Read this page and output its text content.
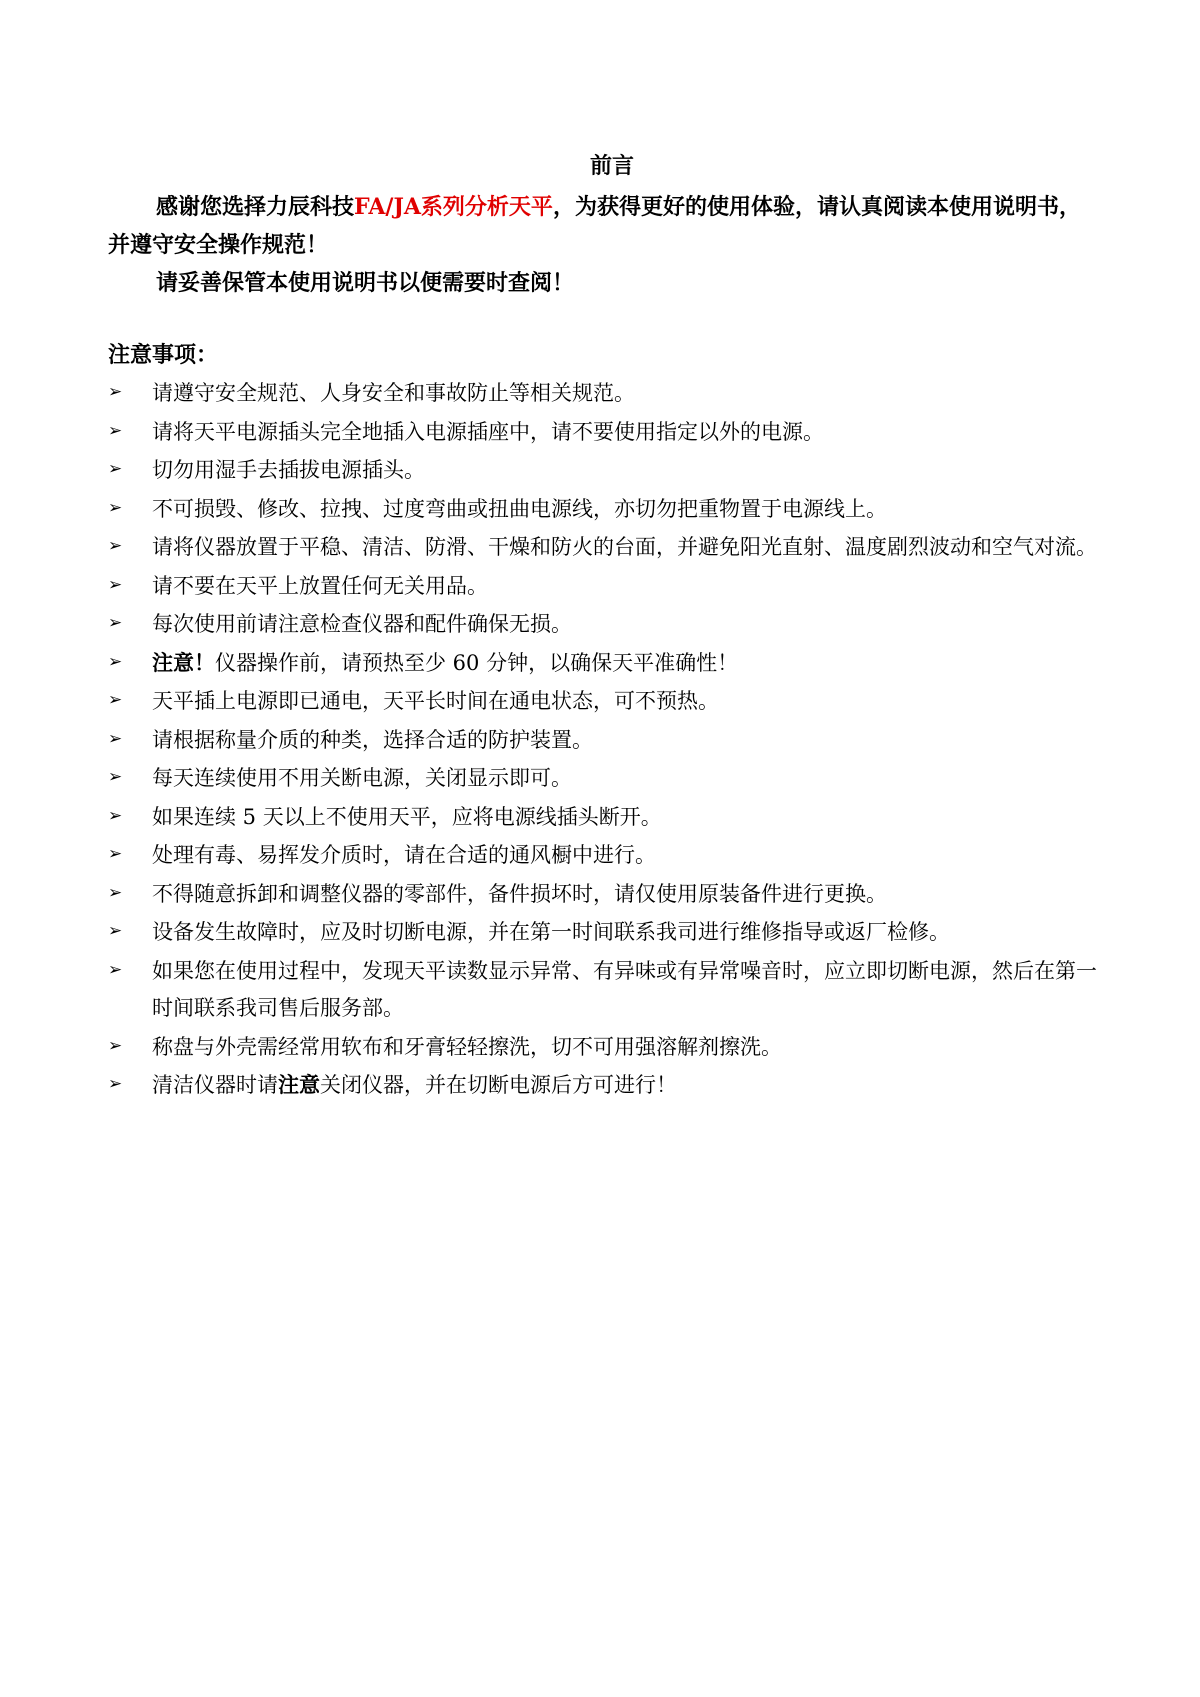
前言

感谢您选择力辰科技FA/JA系列分析天平，为获得更好的使用体验，请认真阅读本使用说明书，并遵守安全操作规范！

请妥善保管本使用说明书以便需要时查阅！

注意事项：
➢	请遵守安全规范、人身安全和事故防止等相关规范。
➢	请将天平电源插头完全地插入电源插座中，请不要使用指定以外的电源。
➢	切勿用湿手去插拔电源插头。
➢	不可损毁、修改、拉拽、过度弯曲或扭曲电源线，亦切勿把重物置于电源线上。
➢	请将仪器放置于平稳、清洁、防滑、干燥和防火的台面，并避免阳光直射、温度剧烈波动和空气对流。
➢	请不要在天平上放置任何无关用品。
➢	每次使用前请注意检查仪器和配件确保无损。
➢	注意！仪器操作前，请预热至少 60 分钟，以确保天平准确性！
➢	天平插上电源即已通电，天平长时间在通电状态，可不预热。
➢	请根据称量介质的种类，选择合适的防护装置。
➢	每天连续使用不用关断电源，关闭显示即可。
➢	如果连续 5 天以上不使用天平，应将电源线插头断开。
➢	处理有毒、易挥发介质时，请在合适的通风橱中进行。
➢	不得随意拆卸和调整仪器的零部件，备件损坏时，请仅使用原装备件进行更换。
➢	设备发生故障时，应及时切断电源，并在第一时间联系我司进行维修指导或返厂检修。
➢	如果您在使用过程中，发现天平读数显示异常、有异味或有异常噪音时，应立即切断电源，然后在第一时间联系我司售后服务部。
➢	称盘与外壳需经常用软布和牙膏轻轻擦洗，切不可用强溶解剂擦洗。
➢	清洁仪器时请注意关闭仪器，并在切断电源后方可进行！
